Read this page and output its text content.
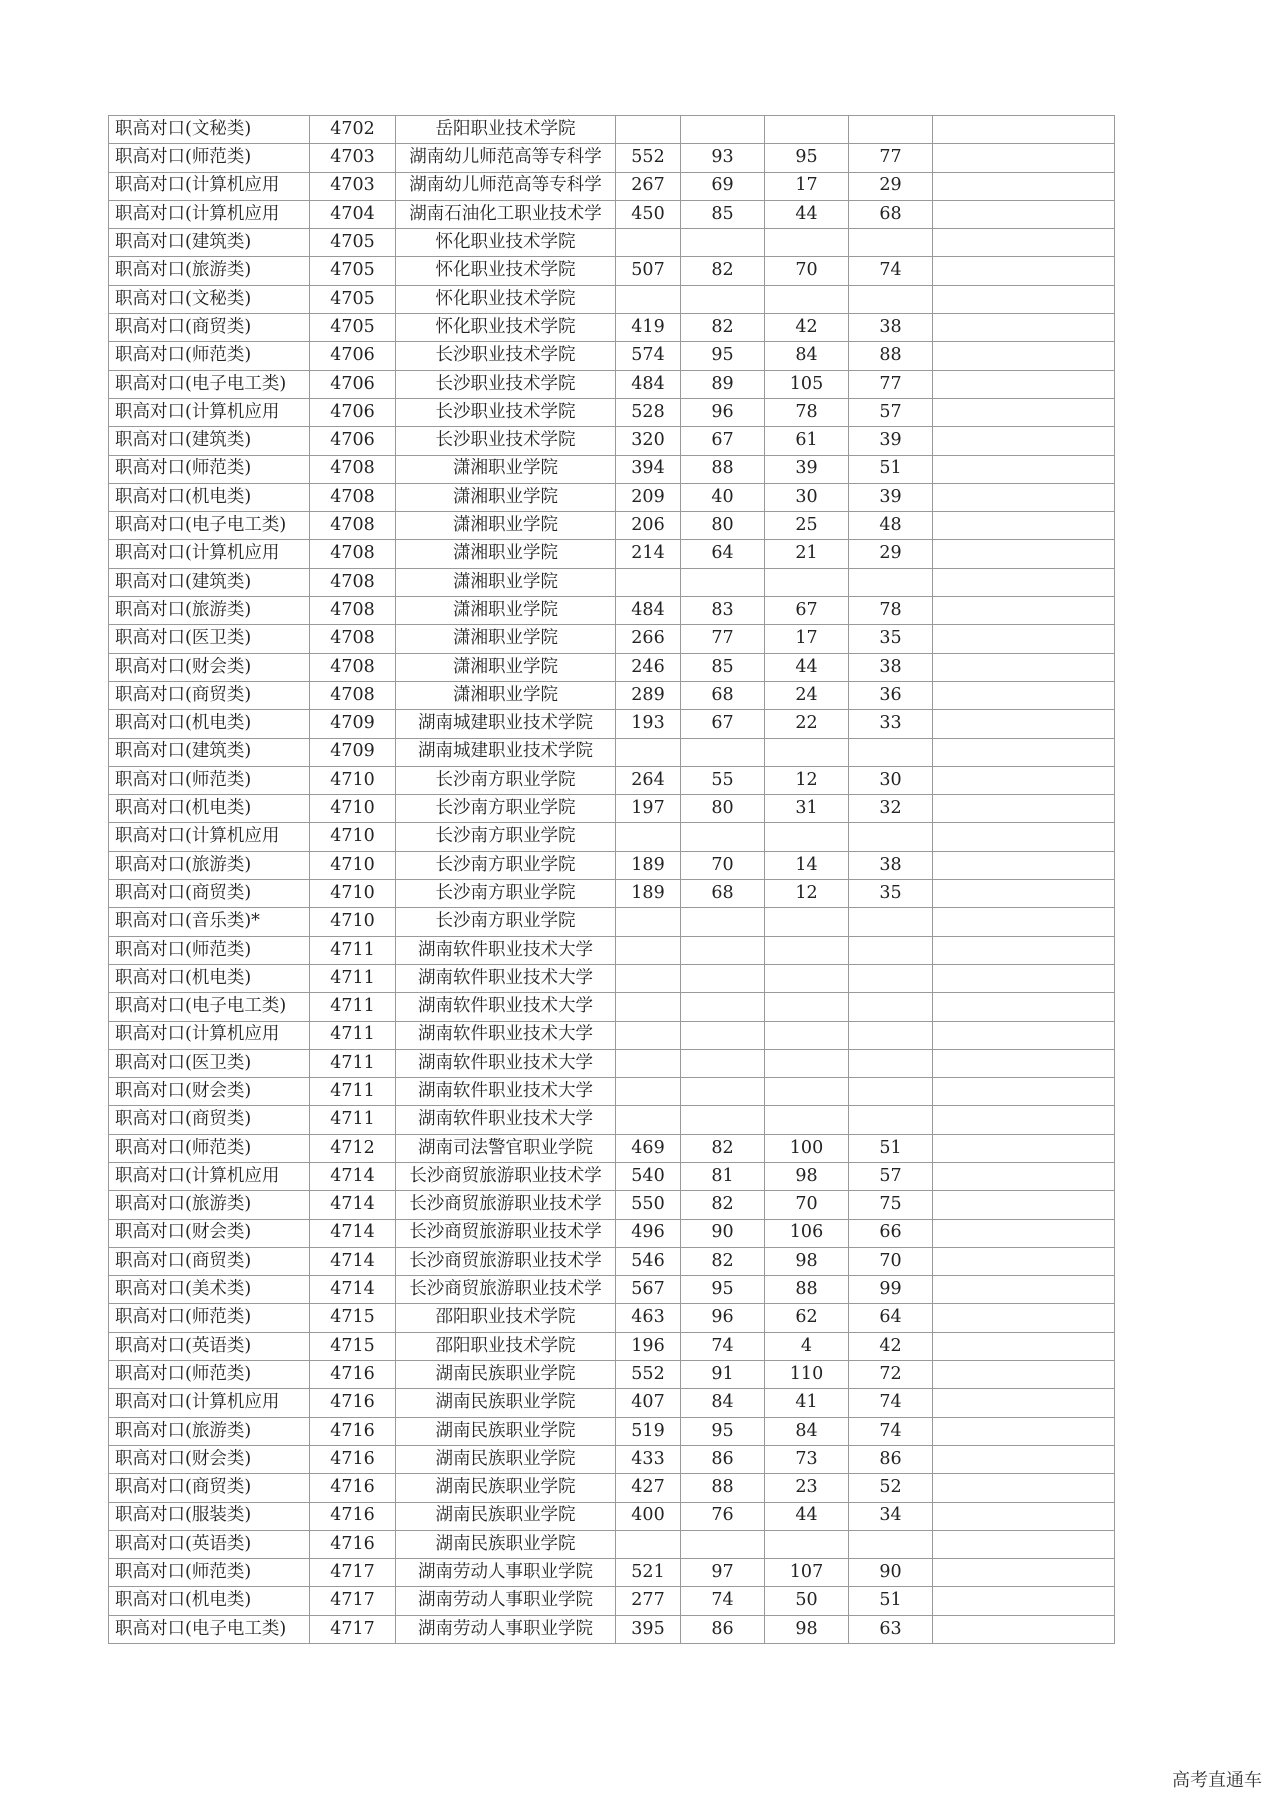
职高对口(文秘类)	4702	岳阳职业技术学院					
职高对口(师范类)	4703	湖南幼儿师范高等专科学	552	93	95	77	
职高对口(计算机应用	4703	湖南幼儿师范高等专科学	267	69	17	29	
职高对口(计算机应用	4704	湖南石油化工职业技术学	450	85	44	68	
职高对口(建筑类)	4705	怀化职业技术学院					
职高对口(旅游类)	4705	怀化职业技术学院	507	82	70	74	
职高对口(文秘类)	4705	怀化职业技术学院					
职高对口(商贸类)	4705	怀化职业技术学院	419	82	42	38	
职高对口(师范类)	4706	长沙职业技术学院	574	95	84	88	
职高对口(电子电工类)	4706	长沙职业技术学院	484	89	105	77	
职高对口(计算机应用	4706	长沙职业技术学院	528	96	78	57	
职高对口(建筑类)	4706	长沙职业技术学院	320	67	61	39	
职高对口(师范类)	4708	潇湘职业学院	394	88	39	51	
职高对口(机电类)	4708	潇湘职业学院	209	40	30	39	
职高对口(电子电工类)	4708	潇湘职业学院	206	80	25	48	
职高对口(计算机应用	4708	潇湘职业学院	214	64	21	29	
职高对口(建筑类)	4708	潇湘职业学院					
职高对口(旅游类)	4708	潇湘职业学院	484	83	67	78	
职高对口(医卫类)	4708	潇湘职业学院	266	77	17	35	
职高对口(财会类)	4708	潇湘职业学院	246	85	44	38	
职高对口(商贸类)	4708	潇湘职业学院	289	68	24	36	
职高对口(机电类)	4709	湖南城建职业技术学院	193	67	22	33	
职高对口(建筑类)	4709	湖南城建职业技术学院					
职高对口(师范类)	4710	长沙南方职业学院	264	55	12	30	
职高对口(机电类)	4710	长沙南方职业学院	197	80	31	32	
职高对口(计算机应用	4710	长沙南方职业学院					
职高对口(旅游类)	4710	长沙南方职业学院	189	70	14	38	
职高对口(商贸类)	4710	长沙南方职业学院	189	68	12	35	
职高对口(音乐类)*	4710	长沙南方职业学院					
职高对口(师范类)	4711	湖南软件职业技术大学					
职高对口(机电类)	4711	湖南软件职业技术大学					
职高对口(电子电工类)	4711	湖南软件职业技术大学					
职高对口(计算机应用	4711	湖南软件职业技术大学					
职高对口(医卫类)	4711	湖南软件职业技术大学					
职高对口(财会类)	4711	湖南软件职业技术大学					
职高对口(商贸类)	4711	湖南软件职业技术大学					
职高对口(师范类)	4712	湖南司法警官职业学院	469	82	100	51	
职高对口(计算机应用	4714	长沙商贸旅游职业技术学	540	81	98	57	
职高对口(旅游类)	4714	长沙商贸旅游职业技术学	550	82	70	75	
职高对口(财会类)	4714	长沙商贸旅游职业技术学	496	90	106	66	
职高对口(商贸类)	4714	长沙商贸旅游职业技术学	546	82	98	70	
职高对口(美术类)	4714	长沙商贸旅游职业技术学	567	95	88	99	
职高对口(师范类)	4715	邵阳职业技术学院	463	96	62	64	
职高对口(英语类)	4715	邵阳职业技术学院	196	74	4	42	
职高对口(师范类)	4716	湖南民族职业学院	552	91	110	72	
职高对口(计算机应用	4716	湖南民族职业学院	407	84	41	74	
职高对口(旅游类)	4716	湖南民族职业学院	519	95	84	74	
职高对口(财会类)	4716	湖南民族职业学院	433	86	73	86	
职高对口(商贸类)	4716	湖南民族职业学院	427	88	23	52	
职高对口(服装类)	4716	湖南民族职业学院	400	76	44	34	
职高对口(英语类)	4716	湖南民族职业学院					
职高对口(师范类)	4717	湖南劳动人事职业学院	521	97	107	90	
职高对口(机电类)	4717	湖南劳动人事职业学院	277	74	50	51	
职高对口(电子电工类)	4717	湖南劳动人事职业学院	395	86	98	63	
高考直通车
